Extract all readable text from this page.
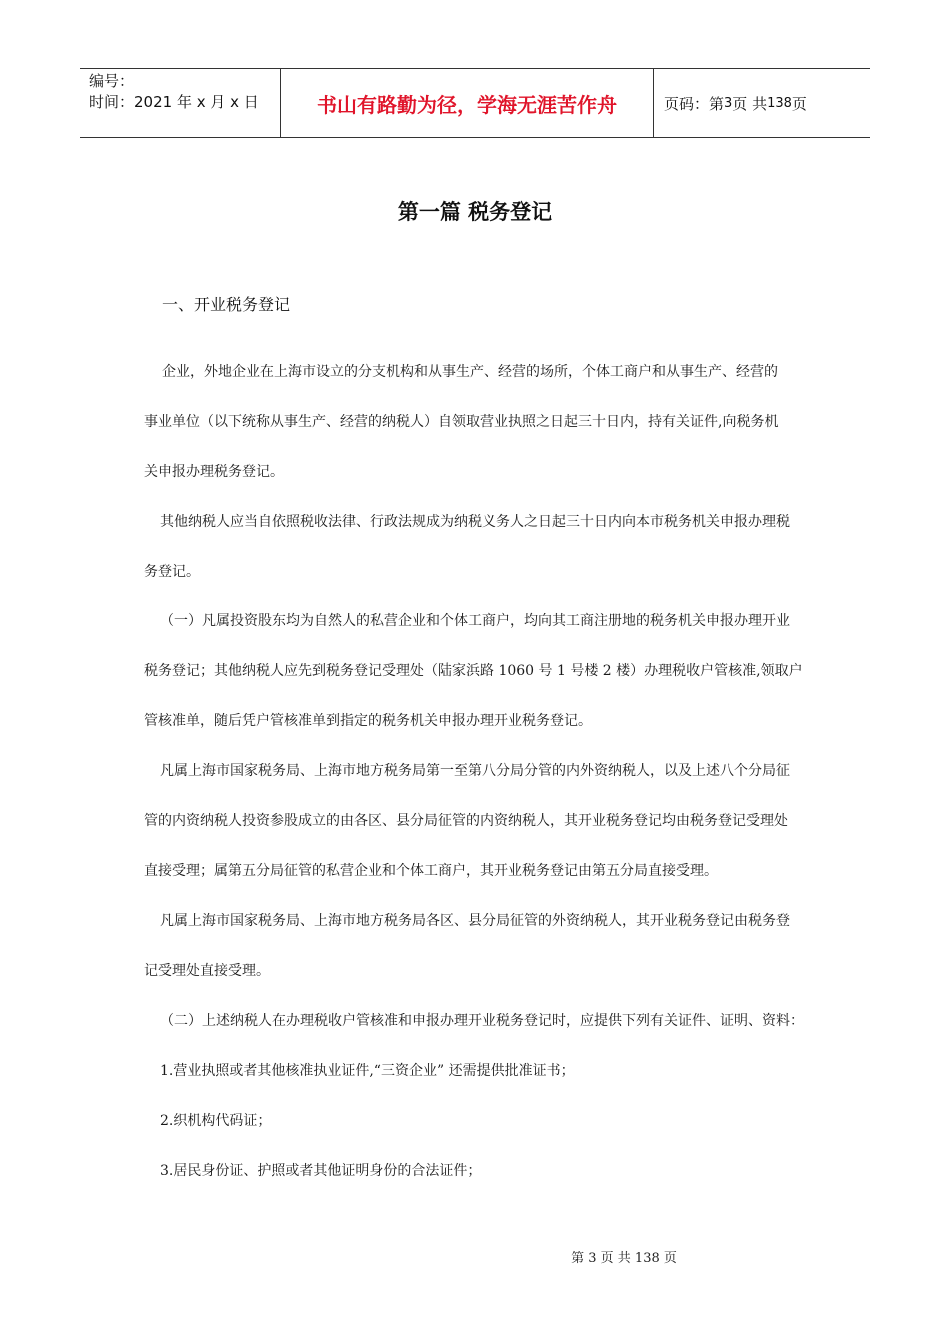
编号：
时间：2021 年 x 月 x 日	书山有路勤为径，学海无涯苦作舟	页码：第 3 页 共 138 页
第一篇 税务登记
一、开业税务登记
企业，外地企业在上海市设立的分支机构和从事生产、经营的场所，个体工商户和从事生产、经营的
事业单位（以下统称从事生产、经营的纳税人）自领取营业执照之日起三十日内，持有关证件,向税务机
关申报办理税务登记。
其他纳税人应当自依照税收法律、行政法规成为纳税义务人之日起三十日内向本市税务机关申报办理税
务登记。
（一）凡属投资股东均为自然人的私营企业和个体工商户，均向其工商注册地的税务机关申报办理开业
税务登记；其他纳税人应先到税务登记受理处（陆家浜路 1060 号 1 号楼 2 楼）办理税收户管核准,领取户
管核准单，随后凭户管核准单到指定的税务机关申报办理开业税务登记。
凡属上海市国家税务局、上海市地方税务局第一至第八分局分管的内外资纳税人，以及上述八个分局征
管的内资纳税人投资参股成立的由各区、县分局征管的内资纳税人，其开业税务登记均由税务登记受理处
直接受理；属第五分局征管的私营企业和个体工商户，其开业税务登记由第五分局直接受理。
凡属上海市国家税务局、上海市地方税务局各区、县分局征管的外资纳税人，其开业税务登记由税务登
记受理处直接受理。
（二）上述纳税人在办理税收户管核准和申报办理开业税务登记时，应提供下列有关证件、证明、资料：
1.营业执照或者其他核准执业证件,“三资企业” 还需提供批准证书；
2.织机构代码证；
3.居民身份证、护照或者其他证明身份的合法证件；
第 3 页 共 138 页
